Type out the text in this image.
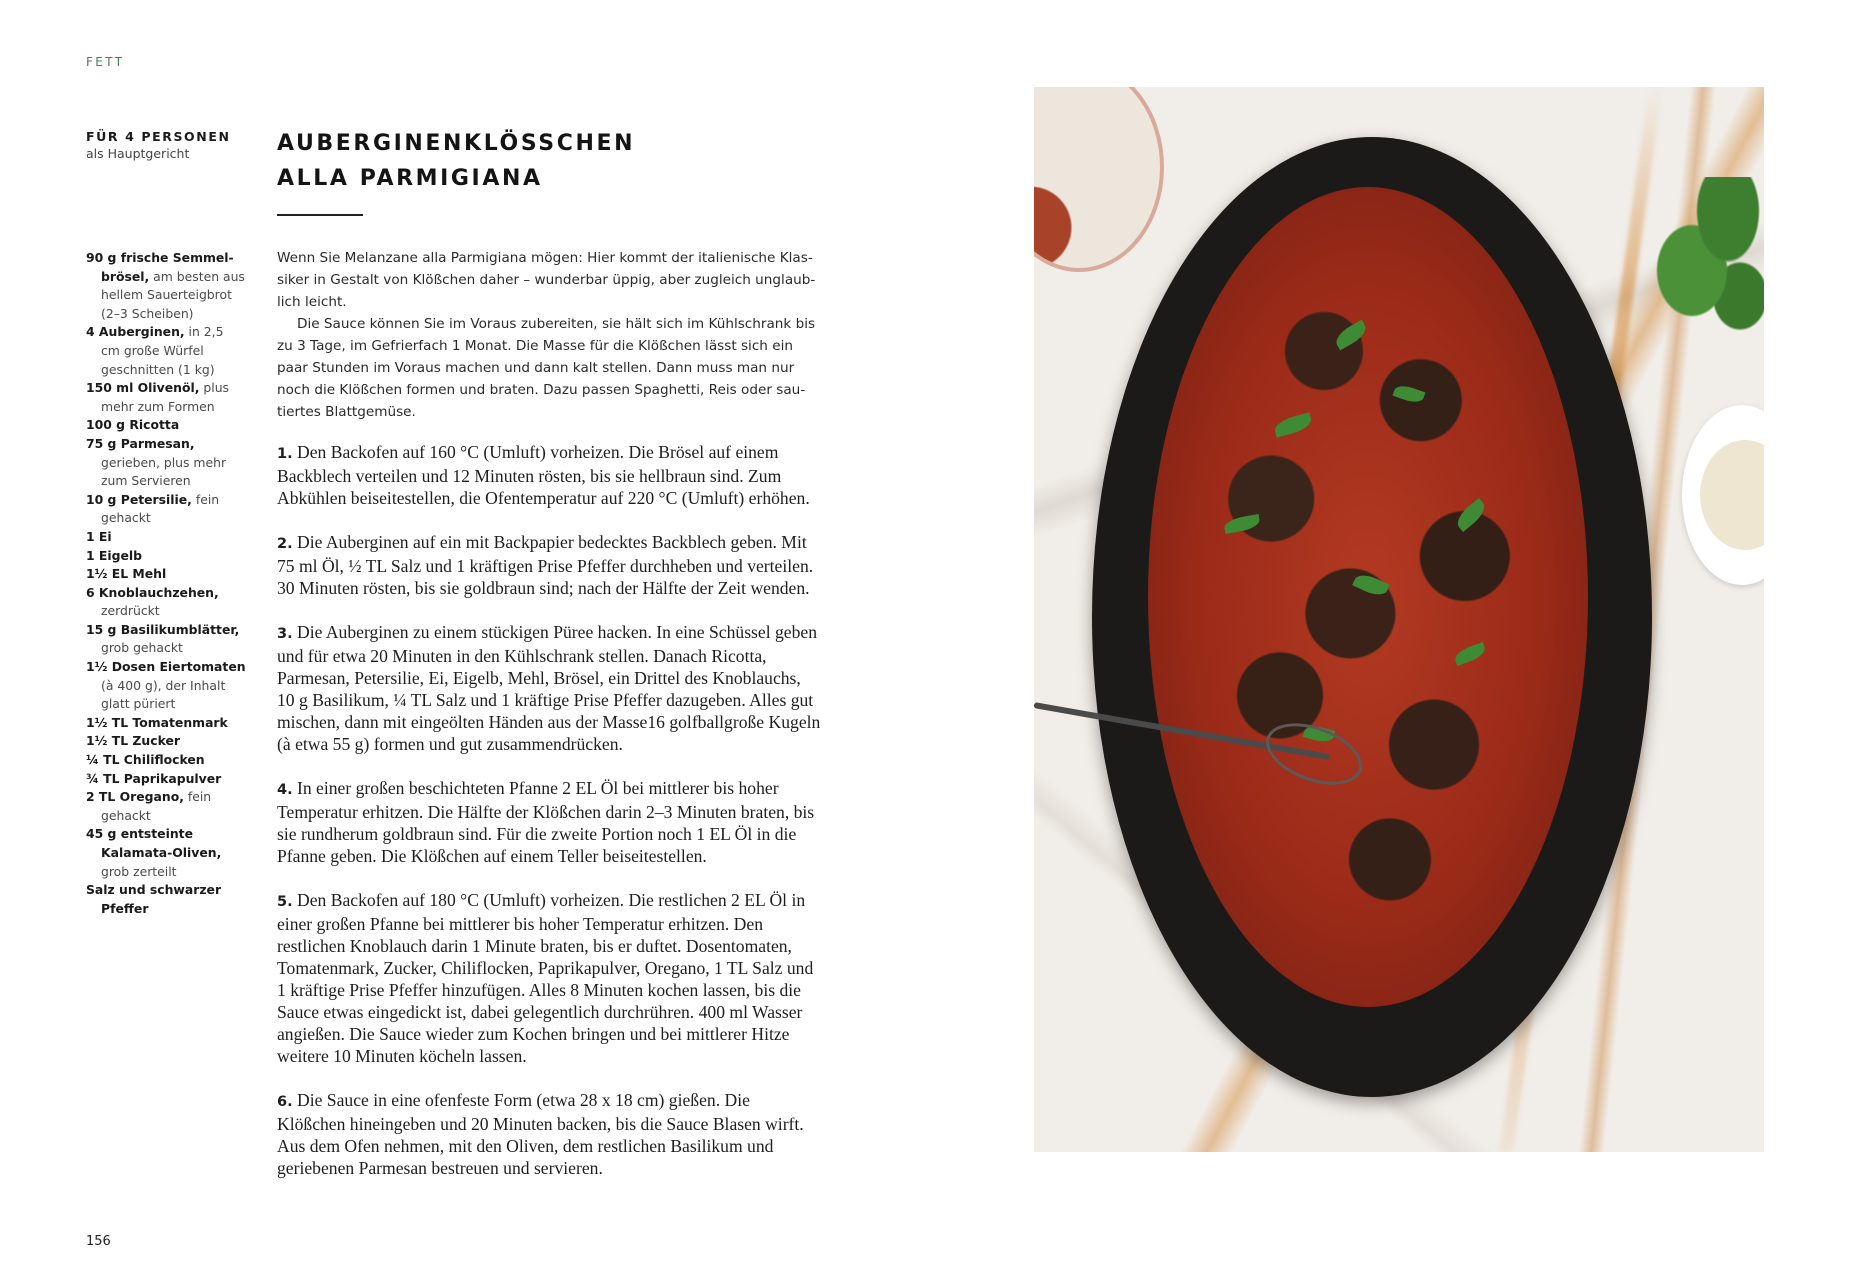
FETT
FÜR 4 PERSONEN
als Hauptgericht
90 g frische Semmelbrösel, am besten aus hellem Sauerteigbrot (2–3 Scheiben)
4 Auberginen, in 2,5 cm große Würfel geschnitten (1 kg)
150 ml Olivenöl, plus mehr zum Formen
100 g Ricotta
75 g Parmesan, gerieben, plus mehr zum Servieren
10 g Petersilie, fein gehackt
1 Ei
1 Eigelb
1½ EL Mehl
6 Knoblauchzehen, zerdrückt
15 g Basilikumblätter, grob gehackt
1½ Dosen Eiertomaten (à 400 g), der Inhalt glatt püriert
1½ TL Tomatenmark
1½ TL Zucker
¼ TL Chiliflocken
¾ TL Paprikapulver
2 TL Oregano, fein gehackt
45 g entsteinte Kalamata-Oliven, grob zerteilt
Salz und schwarzer Pfeffer
AUBERGINENKLÖSSCHEN
ALLA PARMIGIANA

Wenn Sie Melanzane alla Parmigiana mögen: Hier kommt der italienische Klassiker in Gestalt von Klößchen daher – wunderbar üppig, aber zugleich unglaublich leicht.

Die Sauce können Sie im Voraus zubereiten, sie hält sich im Kühlschrank bis zu 3 Tage, im Gefrierfach 1 Monat. Die Masse für die Klößchen lässt sich ein paar Stunden im Voraus machen und dann kalt stellen. Dann muss man nur noch die Klößchen formen und braten. Dazu passen Spaghetti, Reis oder sautiertes Blattgemüse.

1. Den Backofen auf 160 °C (Umluft) vorheizen. Die Brösel auf einem Backblech verteilen und 12 Minuten rösten, bis sie hellbraun sind. Zum Abkühlen beiseitestellen, die Ofentemperatur auf 220 °C (Umluft) erhöhen.

2. Die Auberginen auf ein mit Backpapier bedecktes Backblech geben. Mit 75 ml Öl, ½ TL Salz und 1 kräftigen Prise Pfeffer durchheben und verteilen. 30 Minuten rösten, bis sie goldbraun sind; nach der Hälfte der Zeit wenden.

3. Die Auberginen zu einem stückigen Püree hacken. In eine Schüssel geben und für etwa 20 Minuten in den Kühlschrank stellen. Danach Ricotta, Parmesan, Petersilie, Ei, Eigelb, Mehl, Brösel, ein Drittel des Knoblauchs, 10 g Basilikum, ¼ TL Salz und 1 kräftige Prise Pfeffer dazugeben. Alles gut mischen, dann mit eingeölten Händen aus der Masse16 golfballgroße Kugeln (à etwa 55 g) formen und gut zusammendrücken.

4. In einer großen beschichteten Pfanne 2 EL Öl bei mittlerer bis hoher Temperatur erhitzen. Die Hälfte der Klößchen darin 2–3 Minuten braten, bis sie rundherum goldbraun sind. Für die zweite Portion noch 1 EL Öl in die Pfanne geben. Die Klößchen auf einem Teller beiseitestellen.

5. Den Backofen auf 180 °C (Umluft) vorheizen. Die restlichen 2 EL Öl in einer großen Pfanne bei mittlerer bis hoher Temperatur erhitzen. Den restlichen Knoblauch darin 1 Minute braten, bis er duftet. Dosentomaten, Tomatenmark, Zucker, Chiliflocken, Paprikapulver, Oregano, 1 TL Salz und 1 kräftige Prise Pfeffer hinzufügen. Alles 8 Minuten kochen lassen, bis die Sauce etwas eingedickt ist, dabei gelegentlich durchrühren. 400 ml Wasser angießen. Die Sauce wieder zum Kochen bringen und bei mittlerer Hitze weitere 10 Minuten köcheln lassen.

6. Die Sauce in eine ofenfeste Form (etwa 28 x 18 cm) gießen. Die Klößchen hineingeben und 20 Minuten backen, bis die Sauce Blasen wirft. Aus dem Ofen nehmen, mit den Oliven, dem restlichen Basilikum und geriebenen Parmesan bestreuen und servieren.

156
